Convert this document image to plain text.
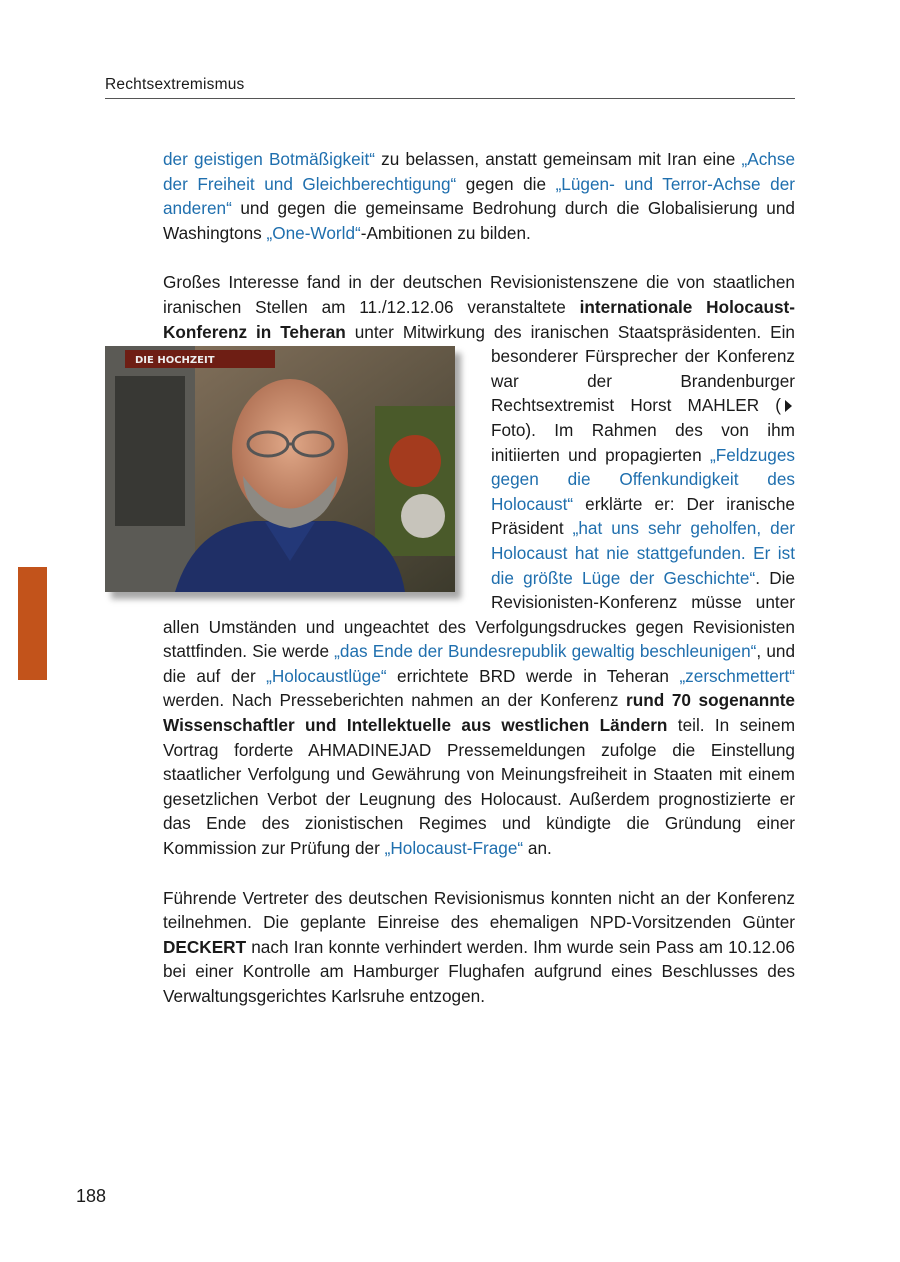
Rechtsextremismus

der geistigen Botmäßigkeit“ zu belassen, anstatt gemeinsam mit Iran eine „Achse der Freiheit und Gleichberechtigung“ gegen die „Lügen- und Terror-Achse der anderen“ und gegen die gemeinsame Bedrohung durch die Globalisierung und Washingtons „One-World“-Ambitionen zu bilden.

Großes Interesse fand in der deutschen Revisionistenszene die von staatlichen iranischen Stellen am 11./12.12.06 veranstaltete internationale Holocaust-Konferenz in Teheran unter Mitwirkung des i
DIE HOCHZEIT
ranischen Staatspräsidenten. Ein besonderer Fürsprecher der Konferenz war der Brandenburger Rechtsextremist Horst MAHLER (Foto). Im Rahmen des von ihm initiierten und propagierten „Feldzuges gegen die Offenkundigkeit des Holocaust“ erklärte er: Der iranische Präsident „hat uns sehr geholfen, der Holocaust hat nie stattgefunden. Er ist die größte Lüge der Geschichte“. Die Revisionisten-Konferenz müsse unter allen Umständen und ungeachtet des Verfolgungsdruckes gegen Revisionisten stattfinden. Sie werde „das Ende der Bundesrepublik gewaltig beschleunigen“, und die auf der „Holocaustlüge“ errichtete BRD werde in Teheran „zerschmettert“ werden. Nach Presseberichten nahmen an der Konferenz rund 70 sogenannte Wissenschaftler und Intellektuelle aus westlichen Ländern teil. In seinem Vortrag forderte AHMADINEJAD Pressemeldungen zufolge die Einstellung staatlicher Verfolgung und Gewährung von Meinungsfreiheit in Staaten mit einem gesetzlichen Verbot der Leugnung des Holocaust. Außerdem prognostizierte er das Ende des zionistischen Regimes und kündigte die Gründung einer Kommission zur Prüfung der „Holocaust-Frage“ an.

Führende Vertreter des deutschen Revisionismus konnten nicht an der Konferenz teilnehmen. Die geplante Einreise des ehemaligen NPD-Vorsitzenden Günter DECKERT nach Iran konnte verhindert werden. Ihm wurde sein Pass am 10.12.06 bei einer Kontrolle am Hamburger Flughafen aufgrund eines Beschlusses des Verwaltungsgerichtes Karlsruhe entzogen.

188
